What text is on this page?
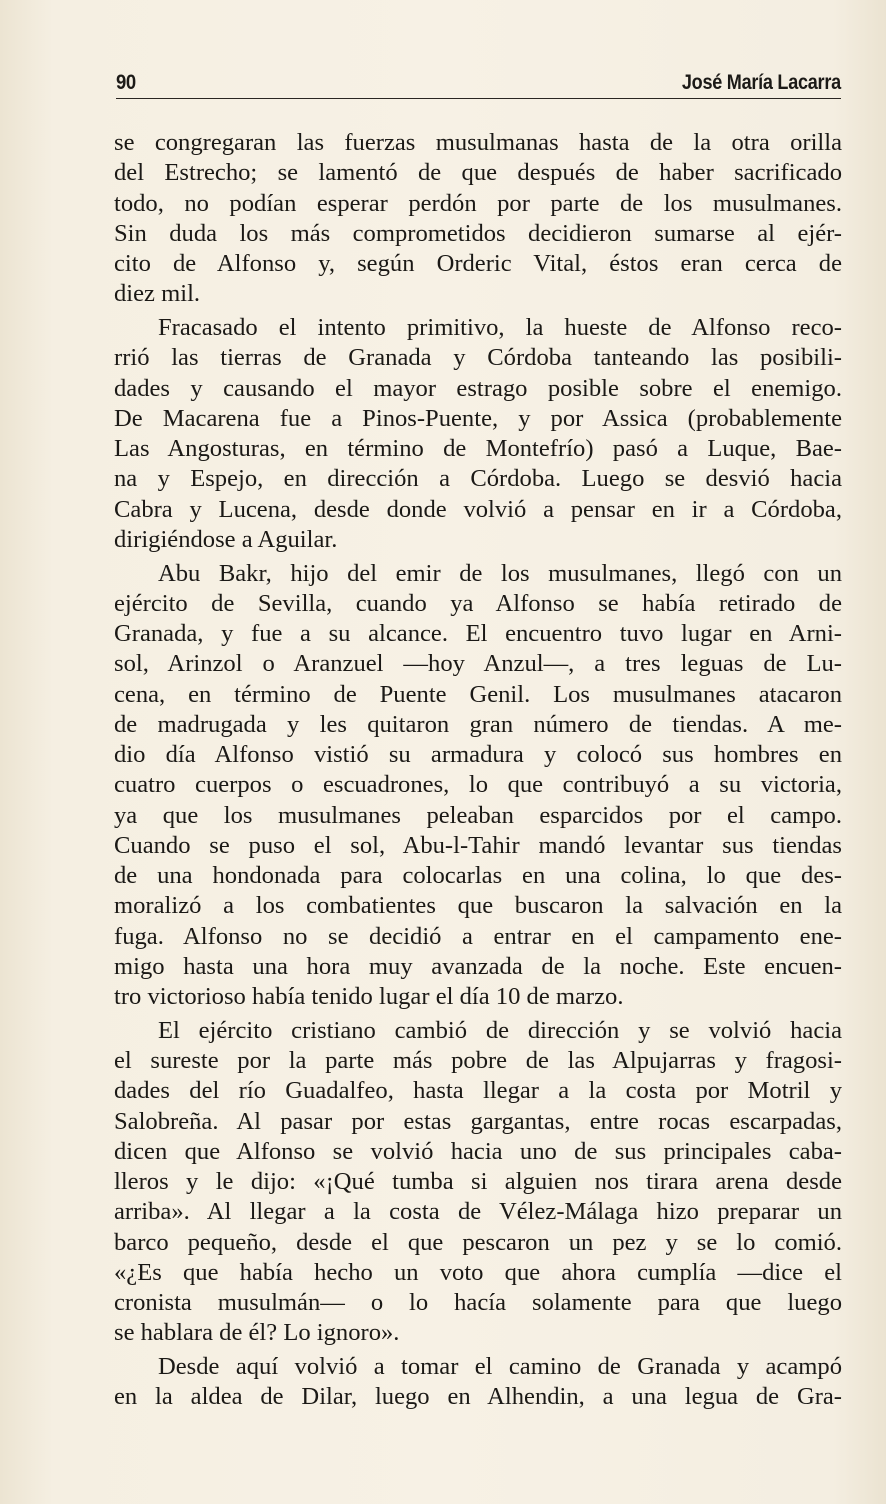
90	José María Lacarra
se congregaran las fuerzas musulmanas hasta de la otra orilla
del Estrecho; se lamentó de que después de haber sacrificado
todo, no podían esperar perdón por parte de los musulmanes.
Sin duda los más comprometidos decidieron sumarse al ejér-
cito de Alfonso y, según Orderic Vital, éstos eran cerca de
diez mil.
Fracasado el intento primitivo, la hueste de Alfonso reco-
rrió las tierras de Granada y Córdoba tanteando las posibili-
dades y causando el mayor estrago posible sobre el enemigo.
De Macarena fue a Pinos-Puente, y por Assica (probablemente
Las Angosturas, en término de Montefrío) pasó a Luque, Bae-
na y Espejo, en dirección a Córdoba. Luego se desvió hacia
Cabra y Lucena, desde donde volvió a pensar en ir a Córdoba,
dirigiéndose a Aguilar.
Abu Bakr, hijo del emir de los musulmanes, llegó con un
ejército de Sevilla, cuando ya Alfonso se había retirado de
Granada, y fue a su alcance. El encuentro tuvo lugar en Arni-
sol, Arinzol o Aranzuel —hoy Anzul—, a tres leguas de Lu-
cena, en término de Puente Genil. Los musulmanes atacaron
de madrugada y les quitaron gran número de tiendas. A me-
dio día Alfonso vistió su armadura y colocó sus hombres en
cuatro cuerpos o escuadrones, lo que contribuyó a su victoria,
ya que los musulmanes peleaban esparcidos por el campo.
Cuando se puso el sol, Abu-l-Tahir mandó levantar sus tiendas
de una hondonada para colocarlas en una colina, lo que des-
moralizó a los combatientes que buscaron la salvación en la
fuga. Alfonso no se decidió a entrar en el campamento ene-
migo hasta una hora muy avanzada de la noche. Este encuen-
tro victorioso había tenido lugar el día 10 de marzo.
El ejército cristiano cambió de dirección y se volvió hacia
el sureste por la parte más pobre de las Alpujarras y fragosi-
dades del río Guadalfeo, hasta llegar a la costa por Motril y
Salobreña. Al pasar por estas gargantas, entre rocas escarpadas,
dicen que Alfonso se volvió hacia uno de sus principales caba-
lleros y le dijo: «¡Qué tumba si alguien nos tirara arena desde
arriba». Al llegar a la costa de Vélez-Málaga hizo preparar un
barco pequeño, desde el que pescaron un pez y se lo comió.
«¿Es que había hecho un voto que ahora cumplía —dice el
cronista musulmán— o lo hacía solamente para que luego
se hablara de él? Lo ignoro».
Desde aquí volvió a tomar el camino de Granada y acampó
en la aldea de Dilar, luego en Alhendin, a una legua de Gra-
